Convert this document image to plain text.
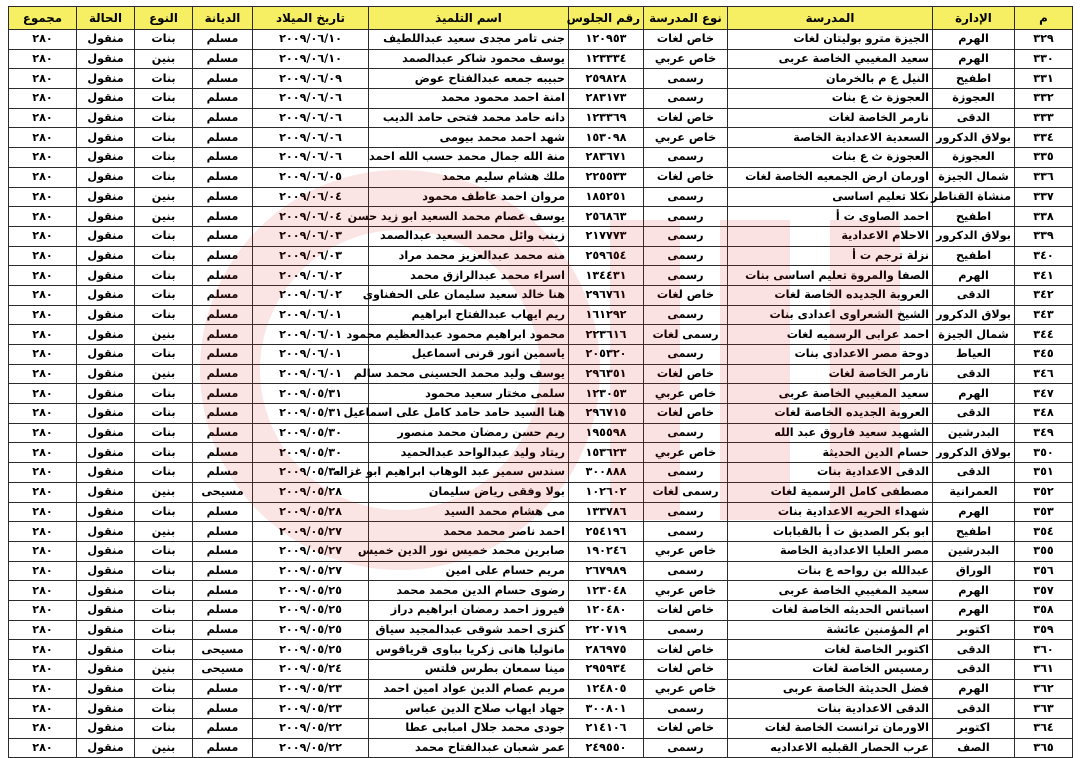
م	الإدارة	المدرسة	نوع المدرسة	رقم الجلوس	اسم التلميذ	تاريخ الميلاد	الديانة	النوع	الحالة	مجموع
٣٢٩	الهرم	الجيزة مترو بوليتان لغات	خاص لغات	١٢٠٩٥٣	جنى تامر مجدى سعيد عبداللطيف	٢٠٠٩/٠٦/١٠	مسلم	بنات	منقول	٢٨٠
٣٣٠	الهرم	سعيد المغيبي الخاصة عربى	خاص عربي	١٢٣٣٣٤	يوسف محمود شاكر عبدالصمد	٢٠٠٩/٠٦/١٠	مسلم	بنين	منقول	٢٨٠
٣٣١	اطفيح	النيل ع م بالخرمان	رسمى	٢٥٩٨٢٨	حبيبه جمعه عبدالفتاح عوض	٢٠٠٩/٠٦/٠٩	مسلم	بنات	منقول	٢٨٠
٣٣٢	العجوزة	العجوزة ث ع بنات	رسمى	٢٨٣١٧٣	امنة احمد محمود محمد	٢٠٠٩/٠٦/٠٦	مسلم	بنات	منقول	٢٨٠
٣٣٣	الدقى	نارمر الخاصة لغات	خاص لغات	١٢٣٣٦٩	دانه حامد محمد فتحى حامد الديب	٢٠٠٩/٠٦/٠٦	مسلم	بنات	منقول	٢٨٠
٣٣٤	بولاق الدكرور	السعدية الاعدادية الخاصة	خاص عربي	١٥٣٠٩٨	شهد احمد محمد بيومى	٢٠٠٩/٠٦/٠٦	مسلم	بنات	منقول	٢٨٠
٣٣٥	العجوزة	العجوزة ث ع بنات	رسمى	٢٨٣٦٧١	منة الله جمال محمد حسب الله احمد	٢٠٠٩/٠٦/٠٦	مسلم	بنات	منقول	٢٨٠
٣٣٦	شمال الجيزة	اورمان ارض الجمعيه الخاصة لغات	خاص لغات	٢٢٥٥٣٣	ملك هشام سليم محمد	٢٠٠٩/٠٦/٠٥	مسلم	بنات	منقول	٢٨٠
٣٣٧	منشاة القناطر	نكلا تعليم اساسى	رسمى	١٨٥٢٥١	مروان احمد عاطف محمود	٢٠٠٩/٠٦/٠٤	مسلم	بنين	منقول	٢٨٠
٣٣٨	اطفيح	احمد الصاوى ت أ	رسمى	٢٥٦٨٦٣	يوسف عصام محمد السعيد ابو زيد حسن	٢٠٠٩/٠٦/٠٤	مسلم	بنين	منقول	٢٨٠
٣٣٩	بولاق الدكرور	الاحلام الاعدادية	رسمى	٢١٧٧٧٣	زينب وائل محمد السعيد عبدالصمد	٢٠٠٩/٠٦/٠٣	مسلم	بنات	منقول	٢٨٠
٣٤٠	اطفيح	نزلة ترجم ت أ	رسمى	٢٥٩٦٥٤	منه محمد عبدالعزيز محمد مراد	٢٠٠٩/٠٦/٠٣	مسلم	بنات	منقول	٢٨٠
٣٤١	الهرم	الصفا والمروة تعليم اساسى بنات	رسمى	١٣٤٤٣١	اسراء محمد عبدالرازق محمد	٢٠٠٩/٠٦/٠٢	مسلم	بنات	منقول	٢٨٠
٣٤٢	الدقى	العروبة الجديده الخاصة لغات	خاص لغات	٢٩٦٧٦١	هنا خالد سعيد سليمان على الحفناوى	٢٠٠٩/٠٦/٠٢	مسلم	بنات	منقول	٢٨٠
٣٤٣	بولاق الدكرور	الشيخ الشعراوى اعدادى بنات	رسمى	١٦١٢٩٢	ريم ايهاب عبدالفتاح ابراهيم	٢٠٠٩/٠٦/٠١	مسلم	بنات	منقول	٢٨٠
٣٤٤	شمال الجيزة	احمد عرابى الرسميه لغات	رسمى لغات	٢٢٣٦١٦	محمود ابراهيم محمود عبدالعظيم محمود	٢٠٠٩/٠٦/٠١	مسلم	بنين	منقول	٢٨٠
٣٤٥	العياط	دوحة مصر الاعدادى بنات	رسمى	٢٠٥٣٢٠	ياسمين انور قرنى اسماعيل	٢٠٠٩/٠٦/٠١	مسلم	بنات	منقول	٢٨٠
٣٤٦	الدقى	نارمر الخاصة لغات	خاص لغات	٢٩٦٣٥١	يوسف وليد محمد الحسينى محمد سالم	٢٠٠٩/٠٦/٠١	مسلم	بنين	منقول	٢٨٠
٣٤٧	الهرم	سعيد المغيبي الخاصة عربى	خاص عربي	١٢٣٠٥٣	سلمى مختار سعيد محمود	٢٠٠٩/٠٥/٣١	مسلم	بنات	منقول	٢٨٠
٣٤٨	الدقى	العروبة الجديده الخاصة لغات	خاص لغات	٢٩٦٧١٥	هنا السيد حامد حامد كامل على اسماعيل	٢٠٠٩/٠٥/٣١	مسلم	بنات	منقول	٢٨٠
٣٤٩	البدرشين	الشهيد سعيد فاروق عبد الله	رسمى	١٩٥٥٩٨	ريم حسن رمضان محمد منصور	٢٠٠٩/٠٥/٣٠	مسلم	بنات	منقول	٢٨٠
٣٥٠	بولاق الدكرور	حسام الدين الحديثة	خاص عربي	١٥٣٦٢٣	ريتاد وليد عبدالواحد عبدالحميد	٢٠٠٩/٠٥/٣٠	مسلم	بنات	منقول	٢٨٠
٣٥١	الدقى	الدقى الاعدادية بنات	رسمى	٣٠٠٨٨٨	سندس سمير عبد الوهاب ابراهيم ابو غزاله	٢٠٠٩/٠٥/٣٠	مسلم	بنات	منقول	٢٨٠
٣٥٢	العمرانية	مصطفى كامل الرسمية لغات	رسمى لغات	١٠٢٦٠٢	بولا وفقى رياض سليمان	٢٠٠٩/٠٥/٢٨	مسيحى	بنين	منقول	٢٨٠
٣٥٣	الهرم	شهداء الحريه الاعدادية بنات	رسمى	١٣٣٧٨٦	مى هشام محمد السيد	٢٠٠٩/٠٥/٢٨	مسلم	بنات	منقول	٢٨٠
٣٥٤	اطفيح	ابو بكر الصديق ت أ بالقبابات	رسمى	٢٥٤١٩٦	احمد ناصر محمد محمد	٢٠٠٩/٠٥/٢٧	مسلم	بنين	منقول	٢٨٠
٣٥٥	البدرشين	مصر العليا الاعدادية الخاصة	خاص عربي	١٩٠٢٤٦	صابرين محمد خميس نور الدين خميس	٢٠٠٩/٠٥/٢٧	مسلم	بنات	منقول	٢٨٠
٣٥٦	الوراق	عبدالله بن رواحه ع بنات	رسمى	٢٦٧٩٨٩	مريم حسام على امين	٢٠٠٩/٠٥/٢٧	مسلم	بنات	منقول	٢٨٠
٣٥٧	الهرم	سعيد المغيبي الخاصة عربى	خاص عربي	١٢٣٠٤٨	رضوى حسام الدين محمد محمد	٢٠٠٩/٠٥/٢٥	مسلم	بنات	منقول	٢٨٠
٣٥٨	الهرم	اسباتس الحديثه الخاصة لغات	خاص لغات	١٢٠٤٨٠	فيروز احمد رمضان ابراهيم دراز	٢٠٠٩/٠٥/٢٥	مسلم	بنات	منقول	٢٨٠
٣٥٩	اكتوبر	ام المؤمنين عائشة	رسمى	٢٢٠٧١٩	كنزى احمد شوقى عبدالمجيد سياق	٢٠٠٩/٠٥/٢٥	مسلم	بنات	منقول	٢٨٠
٣٦٠	الدقى	اكتوبر الخاصة لغات	خاص لغات	٢٨٦٩٧٥	مانوليا هانى زكريا بباوى قرياقوس	٢٠٠٩/٠٥/٢٥	مسيحى	بنات	منقول	٢٨٠
٣٦١	الدقى	رمسيس الخاصة لغات	خاص لغات	٢٩٥٩٣٤	مينا سمعان بطرس فلتس	٢٠٠٩/٠٥/٢٤	مسيحى	بنين	منقول	٢٨٠
٣٦٢	الهرم	فضل الحديثة الخاصة عربى	خاص عربي	١٢٤٨٠٥	مريم عصام الدين عواد امين احمد	٢٠٠٩/٠٥/٢٣	مسلم	بنات	منقول	٢٨٠
٣٦٣	الدقى	الدقى الاعدادية بنات	رسمى	٣٠٠٨٠١	جهاد ايهاب صلاح الدين عباس	٢٠٠٩/٠٥/٢٣	مسلم	بنات	منقول	٢٨٠
٣٦٤	اكتوبر	الاورمان ترانست الخاصة لغات	خاص لغات	٢١٤١٠٦	جودى محمد جلال امبابى عطا	٢٠٠٩/٠٥/٢٢	مسلم	بنات	منقول	٢٨٠
٣٦٥	الصف	عرب الحصار القبليه الاعداديه	رسمى	٢٤٩٥٥٠	عمر شعبان عبدالفتاح محمد	٢٠٠٩/٠٥/٢٢	مسلم	بنين	منقول	٢٨٠
